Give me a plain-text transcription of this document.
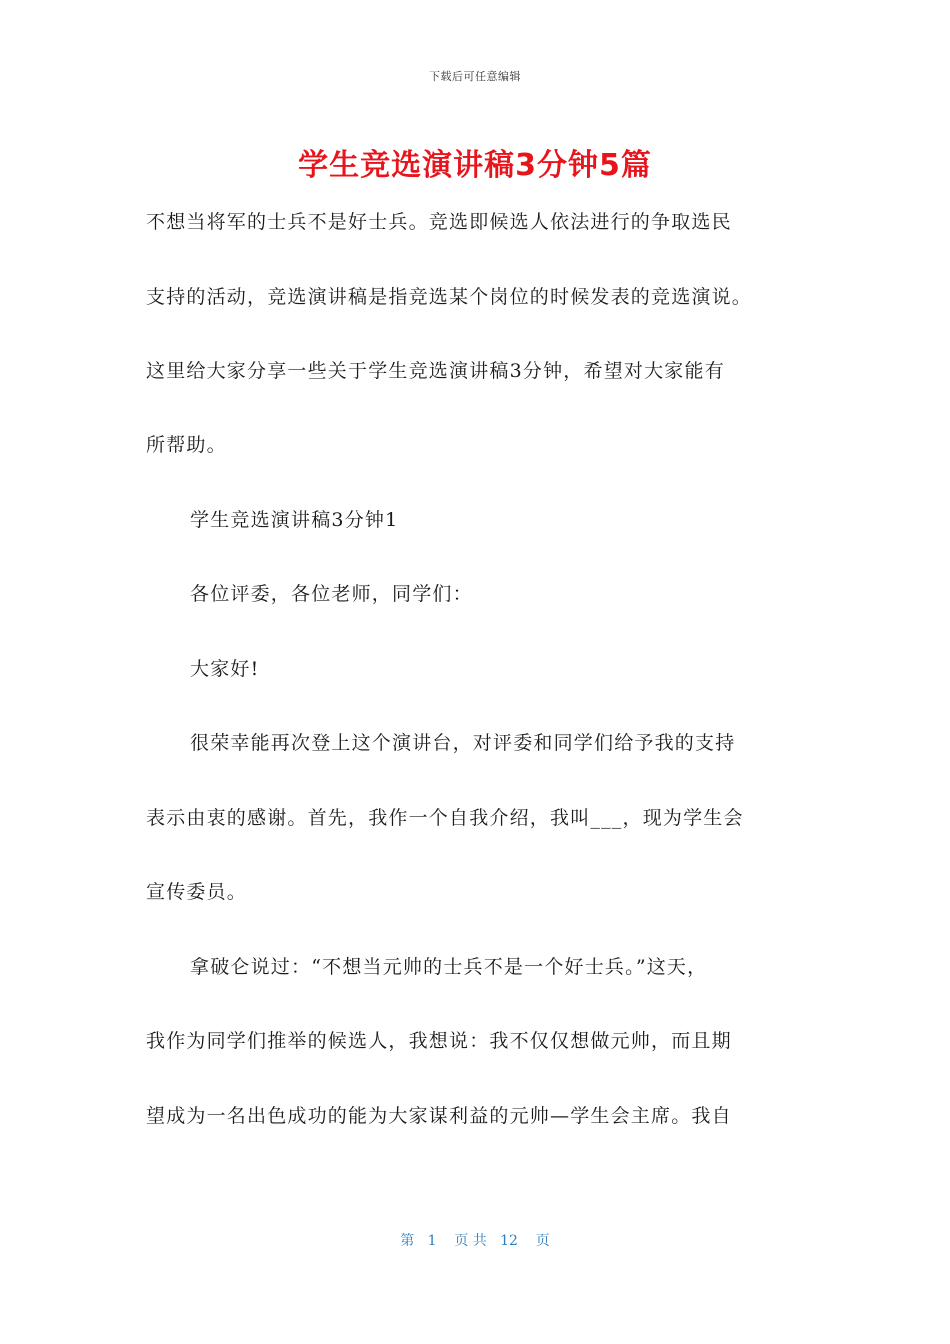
下载后可任意编辑
学生竞选演讲稿3分钟5篇
不想当将军的士兵不是好士兵。竞选即候选人依法进行的争取选民
支持的活动，竞选演讲稿是指竞选某个岗位的时候发表的竞选演说。
这里给大家分享一些关于学生竞选演讲稿3分钟，希望对大家能有
所帮助。
学生竞选演讲稿3分钟1
各位评委，各位老师，同学们：
大家好!
很荣幸能再次登上这个演讲台，对评委和同学们给予我的支持
表示由衷的感谢。首先，我作一个自我介绍，我叫___，现为学生会
宣传委员。
拿破仑说过：“不想当元帅的士兵不是一个好士兵。”这天，
我作为同学们推举的候选人，我想说：我不仅仅想做元帅，而且期
望成为一名出色成功的能为大家谋利益的元帅—学生会主席。我自
第 1 页 共 12 页
